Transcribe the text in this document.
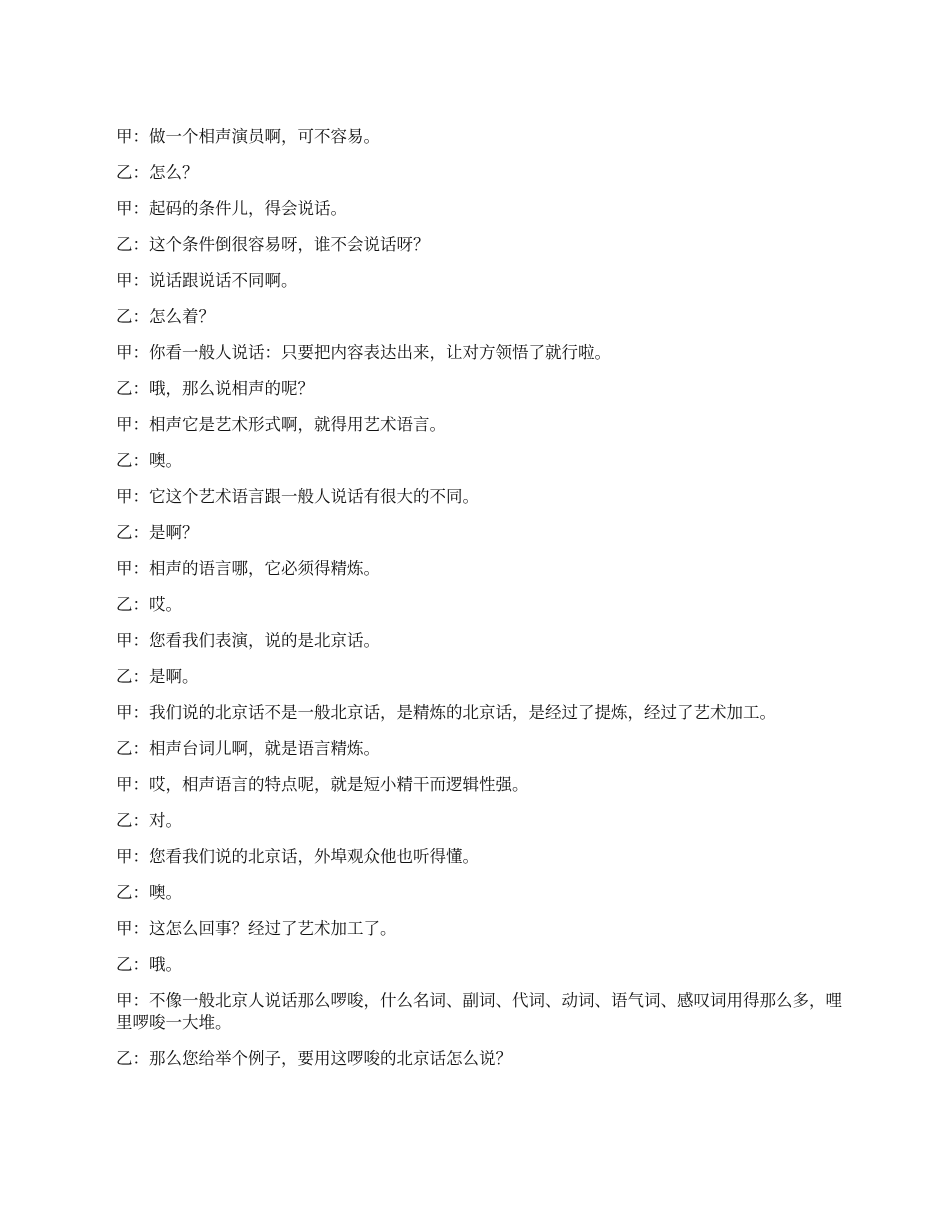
甲：做一个相声演员啊，可不容易。

乙：怎么？

甲：起码的条件儿，得会说话。

乙：这个条件倒很容易呀，谁不会说话呀？

甲：说话跟说话不同啊。

乙：怎么着？

甲：你看一般人说话：只要把内容表达出来，让对方领悟了就行啦。

乙：哦，那么说相声的呢？

甲：相声它是艺术形式啊，就得用艺术语言。

乙：噢。

甲：它这个艺术语言跟一般人说话有很大的不同。

乙：是啊？

甲：相声的语言哪，它必须得精炼。

乙：哎。

甲：您看我们表演，说的是北京话。

乙：是啊。

甲：我们说的北京话不是一般北京话，是精炼的北京话，是经过了提炼，经过了艺术加工。

乙：相声台词儿啊，就是语言精炼。

甲：哎，相声语言的特点呢，就是短小精干而逻辑性强。

乙：对。

甲：您看我们说的北京话，外埠观众他也听得懂。

乙：噢。

甲：这怎么回事？经过了艺术加工了。

乙：哦。

甲：不像一般北京人说话那么啰唆，什么名词、副词、代词、动词、语气词、感叹词用得那么多，哩里啰唆一大堆。

乙：那么您给举个例子，要用这啰唆的北京话怎么说？
